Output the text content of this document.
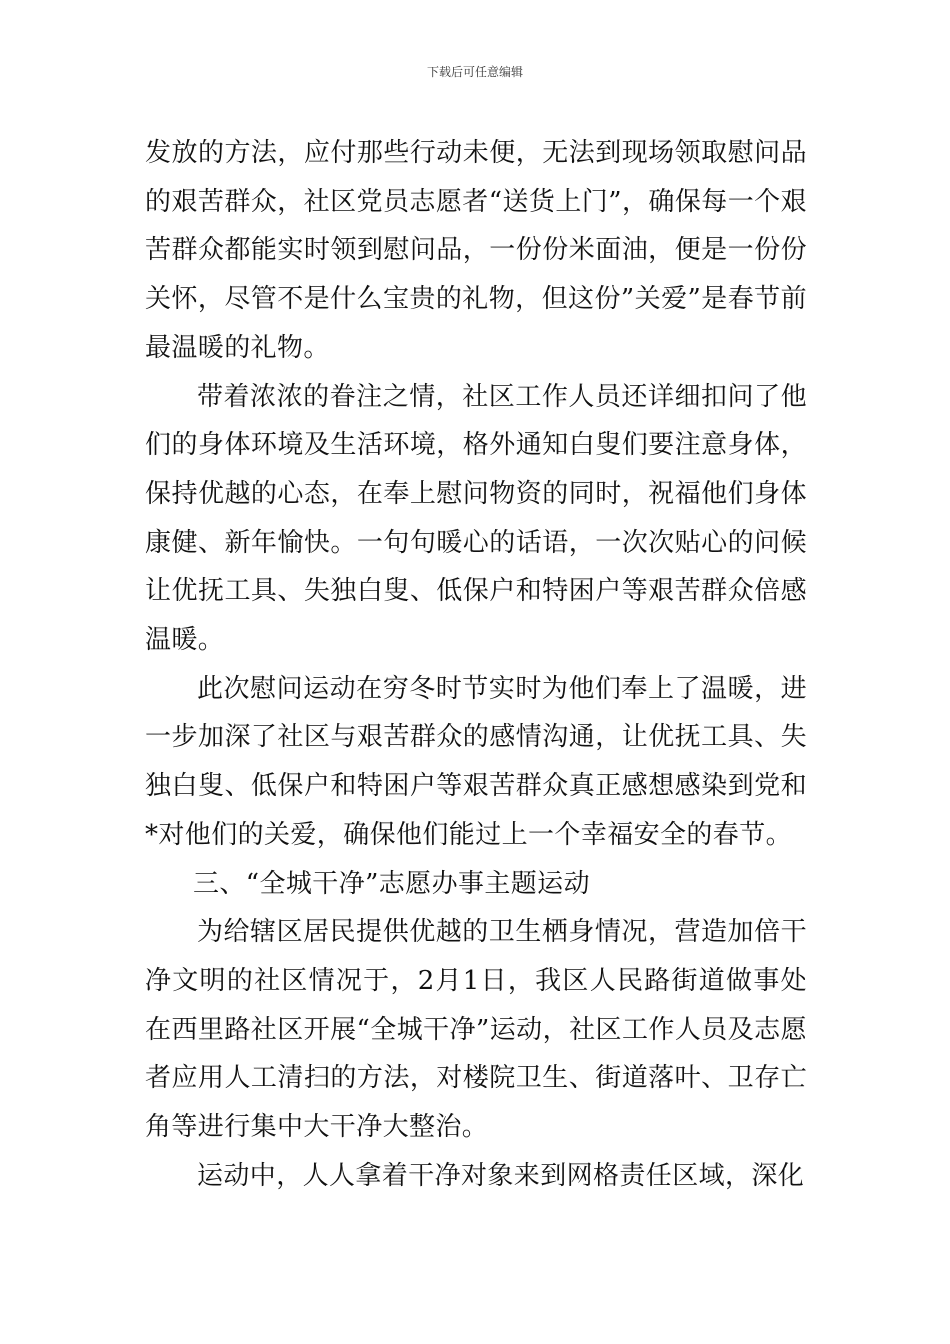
下载后可任意编辑

发放的方法，应付那些行动未便，无法到现场领取慰问品的艰苦群众，社区党员志愿者“送货上门”，确保每一个艰苦群众都能实时领到慰问品，一份份米面油，便是一份份关怀，尽管不是什么宝贵的礼物，但这份”关爱”是春节前最温暖的礼物。

带着浓浓的眷注之情，社区工作人员还详细扣问了他们的身体环境及生活环境，格外通知白叟们要注意身体，保持优越的心态，在奉上慰问物资的同时，祝福他们身体康健、新年愉快。一句句暖心的话语，一次次贴心的问候让优抚工具、失独白叟、低保户和特困户等艰苦群众倍感温暖。

此次慰问运动在穷冬时节实时为他们奉上了温暖，进一步加深了社区与艰苦群众的感情沟通，让优抚工具、失独白叟、低保户和特困户等艰苦群众真正感想感染到党和*对他们的关爱，确保他们能过上一个幸福安全的春节。

三、“全城干净”志愿办事主题运动

为给辖区居民提供优越的卫生栖身情况，营造加倍干净文明的社区情况于，2月1日，我区人民路街道做事处在西里路社区开展“全城干净”运动，社区工作人员及志愿者应用人工清扫的方法，对楼院卫生、街道落叶、卫存亡角等进行集中大干净大整治。

运动中，人人拿着干净对象来到网格责任区域，深化
